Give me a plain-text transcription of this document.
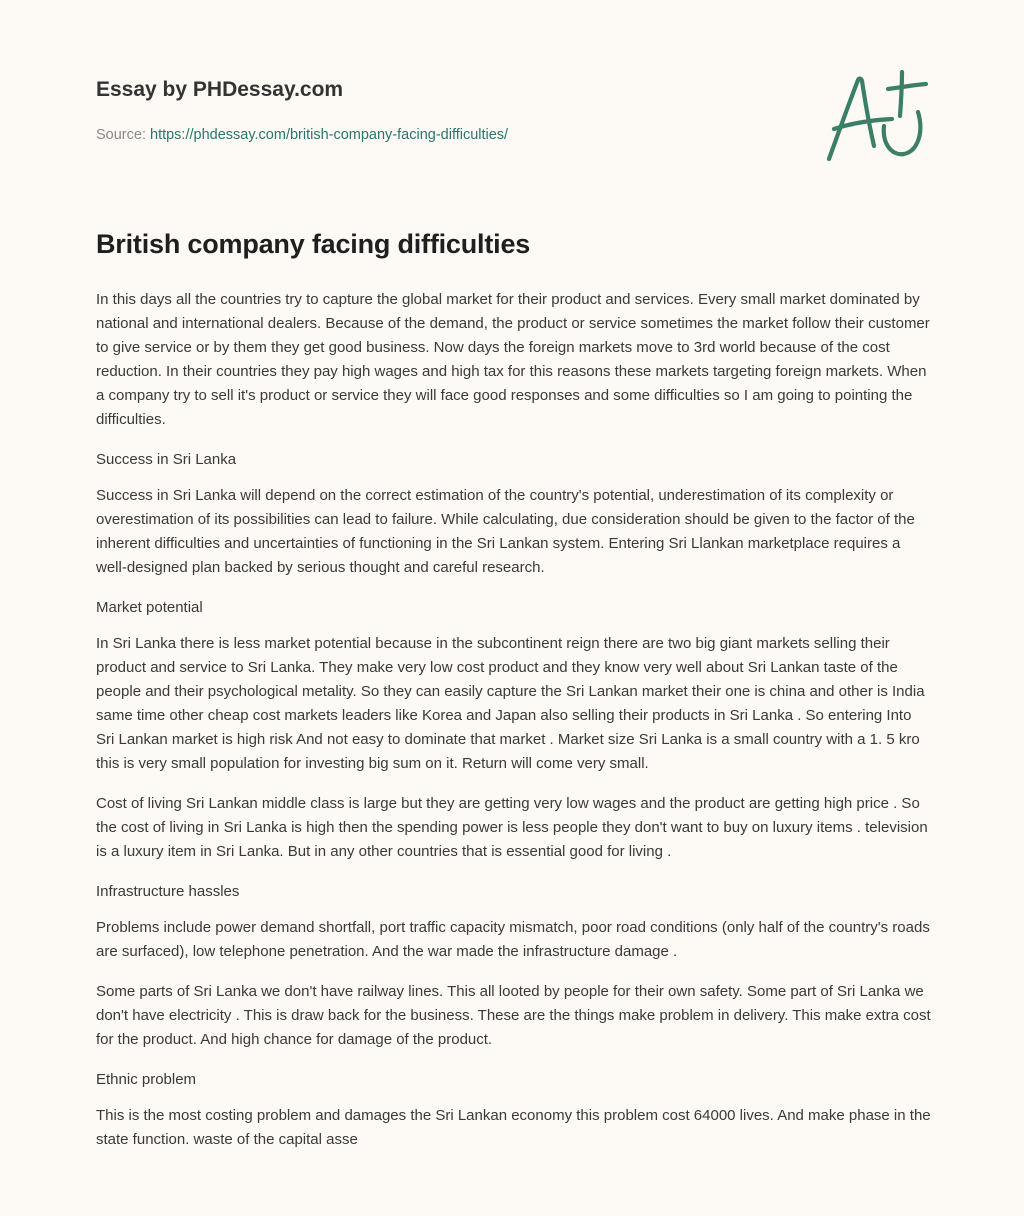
Essay by PHDessay.com

Source: https://phdessay.com/british-company-facing-difficulties/
British company facing difficulties

In this days all the countries try to capture the global market for their product and services. Every small market dominated by national and international dealers. Because of the demand, the product or service sometimes the market follow their customer to give service or by them they get good business. Now days the foreign markets move to 3rd world because of the cost reduction. In their countries they pay high wages and high tax for this reasons these markets targeting foreign markets. When a company try to sell it's product or service they will face good responses and some difficulties so I am going to pointing the difficulties.

Success in Sri Lanka

Success in Sri Lanka will depend on the correct estimation of the country's potential, underestimation of its complexity or overestimation of its possibilities can lead to failure. While calculating, due consideration should be given to the factor of the inherent difficulties and uncertainties of functioning in the Sri Lankan system. Entering Sri Llankan marketplace requires a well-designed plan backed by serious thought and careful research.

Market potential

In Sri Lanka there is less market potential because in the subcontinent reign there are two big giant markets selling their product and service to Sri Lanka. They make very low cost product and they know very well about Sri Lankan taste of the people and their psychological metality. So they can easily capture the Sri Lankan market their one is china and other is India same time other cheap cost markets leaders like Korea and Japan also selling their products in Sri Lanka . So entering Into Sri Lankan market is high risk And not easy to dominate that market . Market size Sri Lanka is a small country with a 1. 5 kro this is very small population for investing big sum on it. Return will come very small.

Cost of living Sri Lankan middle class is large but they are getting very low wages and the product are getting high price . So the cost of living in Sri Lanka is high then the spending power is less people they don't want to buy on luxury items . television is a luxury item in Sri Lanka. But in any other countries that is essential good for living .

Infrastructure hassles

Problems include power demand shortfall, port traffic capacity mismatch, poor road conditions (only half of the country's roads are surfaced), low telephone penetration. And the war made the infrastructure damage .

Some parts of Sri Lanka we don't have railway lines. This all looted by people for their own safety. Some part of Sri Lanka we don't have electricity . This is draw back for the business. These are the things make problem in delivery. This make extra cost for the product. And high chance for damage of the product.

Ethnic problem

This is the most costing problem and damages the Sri Lankan economy this problem cost 64000 lives. And make phase in the state function. waste of the capital asse
